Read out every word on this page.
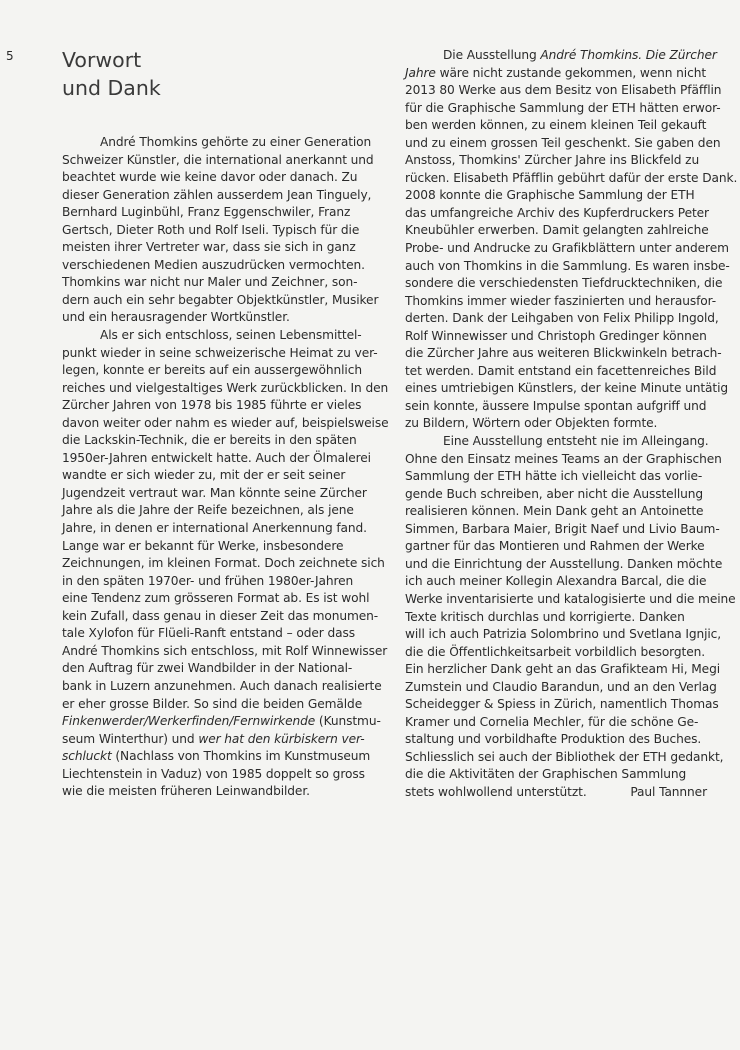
5 Vorwort
und Dank
André Thomkins gehörte zu einer Generation
Schweizer Künstler, die international anerkannt und
beachtet wurde wie keine davor oder danach. Zu
dieser Generation zählen ausserdem Jean Tinguely,
Bernhard Luginbühl, Franz Eggenschwiler, Franz
Gertsch, Dieter Roth und Rolf Iseli. Typisch für die
meisten ihrer Vertreter war, dass sie sich in ganz
verschiedenen Medien auszudrücken vermochten.
Thomkins war nicht nur Maler und Zeichner, son-
dern auch ein sehr begabter Objektkünstler, Musiker
und ein herausragender Wortkünstler.
Als er sich entschloss, seinen Lebensmittel-
punkt wieder in seine schweizerische Heimat zu ver-
legen, konnte er bereits auf ein aussergewöhnlich
reiches und vielgestaltiges Werk zurückblicken. In den
Zürcher Jahren von 1978 bis 1985 führte er vieles
davon weiter oder nahm es wieder auf, beispielsweise
die Lackskin-Technik, die er bereits in den späten
1950er-Jahren entwickelt hatte. Auch der Ölmalerei
wandte er sich wieder zu, mit der er seit seiner
Jugendzeit vertraut war. Man könnte seine Zürcher
Jahre als die Jahre der Reife bezeichnen, als jene
Jahre, in denen er international Anerkennung fand.
Lange war er bekannt für Werke, insbesondere
Zeichnungen, im kleinen Format. Doch zeichnete sich
in den späten 1970er- und frühen 1980er-Jahren
eine Tendenz zum grösseren Format ab. Es ist wohl
kein Zufall, dass genau in dieser Zeit das monumen-
tale Xylofon für Flüeli-Ranft entstand – oder dass
André Thomkins sich entschloss, mit Rolf Winnewisser
den Auftrag für zwei Wandbilder in der National-
bank in Luzern anzunehmen. Auch danach realisierte
er eher grosse Bilder. So sind die beiden Gemälde
Finkenwerder/Werkerfinden/Fernwirkende (Kunstmu-
seum Winterthur) und wer hat den kürbiskern ver-
schluckt (Nachlass von Thomkins im Kunstmuseum
Liechtenstein in Vaduz) von 1985 doppelt so gross
wie die meisten früheren Leinwandbilder.
Die Ausstellung André Thomkins. Die Zürcher
Jahre wäre nicht zustande gekommen, wenn nicht
2013 80 Werke aus dem Besitz von Elisabeth Pfäfflin
für die Graphische Sammlung der ETH hätten erwor-
ben werden können, zu einem kleinen Teil gekauft
und zu einem grossen Teil geschenkt. Sie gaben den
Anstoss, Thomkins' Zürcher Jahre ins Blickfeld zu
rücken. Elisabeth Pfäfflin gebührt dafür der erste Dank.
2008 konnte die Graphische Sammlung der ETH
das umfangreiche Archiv des Kupferdruckers Peter
Kneubühler erwerben. Damit gelangten zahlreiche
Probe- und Andrucke zu Grafikblättern unter anderem
auch von Thomkins in die Sammlung. Es waren insbe-
sondere die verschiedensten Tiefdrucktechniken, die
Thomkins immer wieder faszinierten und herausfor-
derten. Dank der Leihgaben von Felix Philipp Ingold,
Rolf Winnewisser und Christoph Gredinger können
die Zürcher Jahre aus weiteren Blickwinkeln betrach-
tet werden. Damit entstand ein facettenreiches Bild
eines umtriebigen Künstlers, der keine Minute untätig
sein konnte, äussere Impulse spontan aufgriff und
zu Bildern, Wörtern oder Objekten formte.
Eine Ausstellung entsteht nie im Alleingang.
Ohne den Einsatz meines Teams an der Graphischen
Sammlung der ETH hätte ich vielleicht das vorlie-
gende Buch schreiben, aber nicht die Ausstellung
realisieren können. Mein Dank geht an Antoinette
Simmen, Barbara Maier, Brigit Naef und Livio Baum-
gartner für das Montieren und Rahmen der Werke
und die Einrichtung der Ausstellung. Danken möchte
ich auch meiner Kollegin Alexandra Barcal, die die
Werke inventarisierte und katalogisierte und die meine
Texte kritisch durchlas und korrigierte. Danken
will ich auch Patrizia Solombrino und Svetlana Ignjic,
die die Öffentlichkeitsarbeit vorbildlich besorgten.
Ein herzlicher Dank geht an das Grafikteam Hi, Megi
Zumstein und Claudio Barandun, und an den Verlag
Scheidegger & Spiess in Zürich, namentlich Thomas
Kramer und Cornelia Mechler, für die schöne Ge-
staltung und vorbildhafte Produktion des Buches.
Schliesslich sei auch der Bibliothek der ETH gedankt,
die die Aktivitäten der Graphischen Sammlung
stets wohlwollend unterstützt.	Paul Tannner
